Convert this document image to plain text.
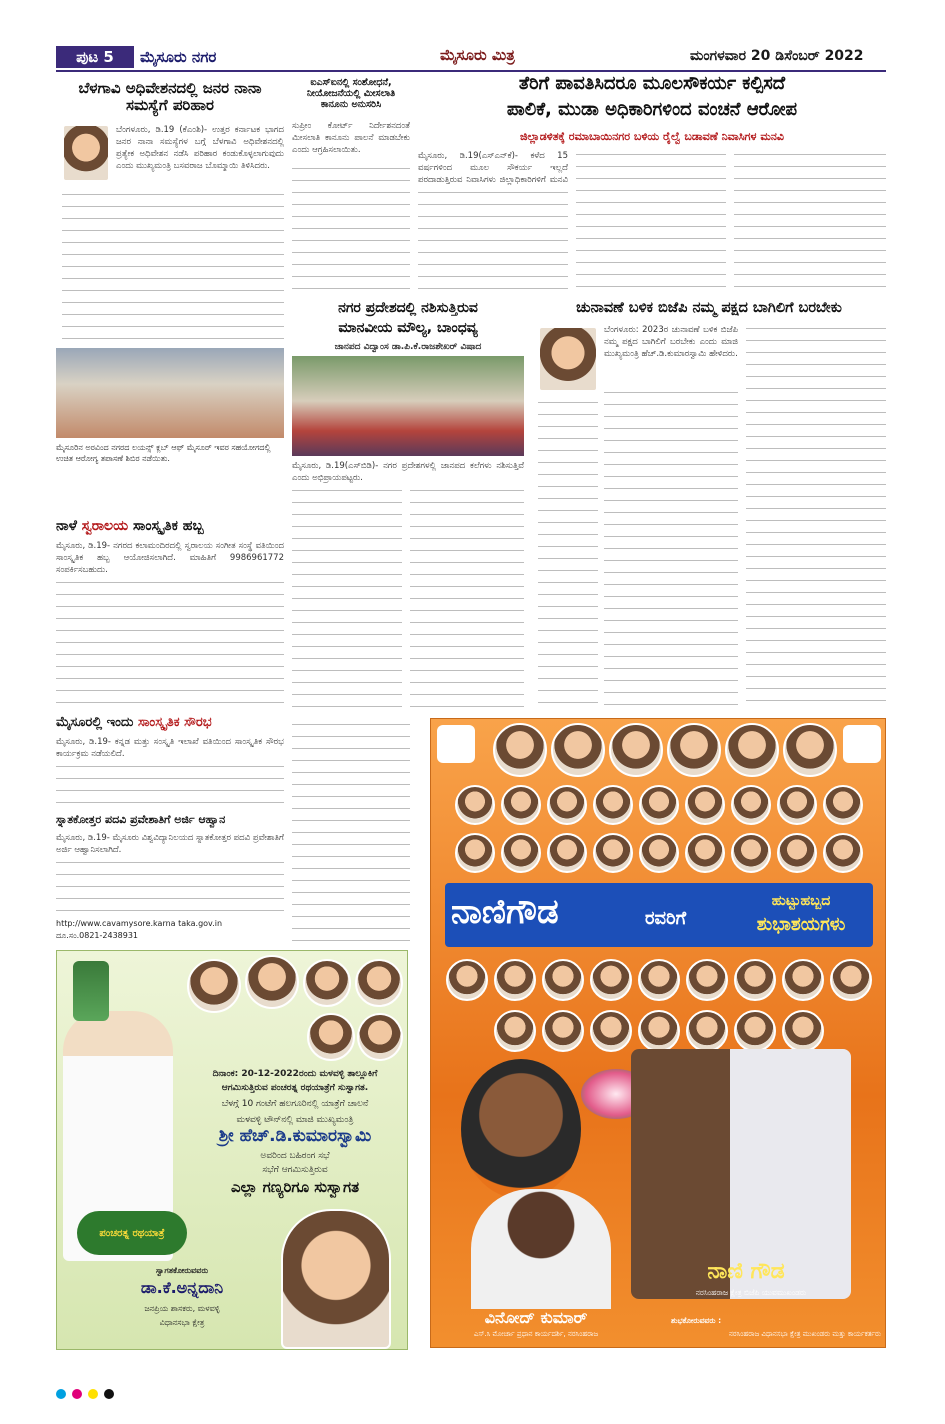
ಪುಟ 5	ಮೈಸೂರು ನಗರ	ಮೈಸೂರು ಮಿತ್ರ	ಮಂಗಳವಾರ 20 ಡಿಸೆಂಬರ್ 2022
ಬೆಳಗಾವಿ ಅಧಿವೇಶನದಲ್ಲಿ ಜನರ ನಾನಾ ಸಮಸ್ಯೆಗೆ ಪರಿಹಾರ
ಬೆಂಗಳೂರು, ಡಿ.19 (ಕೆಎಂಶಿ)- ಉತ್ತರ ಕರ್ನಾಟಕ ಭಾಗದ ಜನರ ನಾನಾ ಸಮಸ್ಯೆಗಳ ಬಗ್ಗೆ ಬೆಳಗಾವಿ ಅಧಿವೇಶನದಲ್ಲಿ ಪ್ರತ್ಯೇಕ ಅಧಿವೇಶನ ನಡೆಸಿ ಪರಿಹಾರ ಕಂಡುಕೊಳ್ಳಲಾಗುವುದು ಎಂದು ಮುಖ್ಯಮಂತ್ರಿ ಬಸವರಾಜ ಬೊಮ್ಮಾಯಿ ತಿಳಿಸಿದರು.
ಮೈಸೂರಿನ ಅರವಿಂದ ನಗರದ ಲಯನ್ಸ್ ಕ್ಲಬ್ ಆಫ್ ಮೈಸೂರ್ ಇವರ ಸಹಯೋಗದಲ್ಲಿ ಉಚಿತ ಆರೋಗ್ಯ ತಪಾಸಣೆ ಶಿಬಿರ ನಡೆಯಿತು.
ಐಎಸ್‌ಐನಲ್ಲಿ ಸಂಶೋಧನೆ, ನೀಯೋಜನೆಯಲ್ಲಿ ಮೀಸಲಾತಿ ಕಾನೂನು ಅನುಸರಿಸಿ
ಸುಪ್ರೀಂ ಕೋರ್ಟ್ ನಿರ್ದೇಶನದಂತೆ ಮೀಸಲಾತಿ ಕಾನೂನು ಪಾಲನೆ ಮಾಡಬೇಕು ಎಂದು ಆಗ್ರಹಿಸಲಾಯಿತು.
ತೆರಿಗೆ ಪಾವತಿಸಿದರೂ ಮೂಲಸೌಕರ್ಯ ಕಲ್ಪಿಸದೆ
ಪಾಲಿಕೆ, ಮುಡಾ ಅಧಿಕಾರಿಗಳಿಂದ ವಂಚನೆ ಆರೋಪ
ಜಿಲ್ಲಾಡಳಿತಕ್ಕೆ ರಮಾಬಾಯಿನಗರ ಬಳಿಯ ರೈಲ್ವೆ ಬಡಾವಣೆ ನಿವಾಸಿಗಳ ಮನವಿ
ಮೈಸೂರು, ಡಿ.19(ಎಸ್‌ಎನ್‌ಕೆ)- ಕಳೆದ 15 ವರ್ಷಗಳಿಂದ ಮೂಲ ಸೌಕರ್ಯ ಇಲ್ಲದೆ ಪರದಾಡುತ್ತಿರುವ ನಿವಾಸಿಗಳು ಜಿಲ್ಲಾಧಿಕಾರಿಗಳಿಗೆ ಮನವಿ
ನಗರ ಪ್ರದೇಶದಲ್ಲಿ ನಶಿಸುತ್ತಿರುವ
ಮಾನವೀಯ ಮೌಲ್ಯ, ಬಾಂಧವ್ಯ
ಜಾನಪದ ವಿದ್ವಾಂಸ ಡಾ.ಪಿ.ಕೆ.ರಾಜಶೇಖರ್ ವಿಷಾದ
ಮೈಸೂರು, ಡಿ.19(ಎಸ್‌ಬಿಡಿ)- ನಗರ ಪ್ರದೇಶಗಳಲ್ಲಿ ಜಾನಪದ ಕಲೆಗಳು ನಶಿಸುತ್ತಿವೆ ಎಂದು ಅಭಿಪ್ರಾಯಪಟ್ಟರು.
ಚುನಾವಣೆ ಬಳಿಕ ಬಿಜೆಪಿ ನಮ್ಮ ಪಕ್ಷದ ಬಾಗಿಲಿಗೆ ಬರಬೇಕು
ಬೆಂಗಳೂರು: 2023ರ ಚುನಾವಣೆ ಬಳಿಕ ಬಿಜೆಪಿ ನಮ್ಮ ಪಕ್ಷದ ಬಾಗಿಲಿಗೆ ಬರಬೇಕು ಎಂದು ಮಾಜಿ ಮುಖ್ಯಮಂತ್ರಿ ಹೆಚ್.ಡಿ.ಕುಮಾರಸ್ವಾಮಿ ಹೇಳಿದರು.
ನಾಳೆ ಸ್ವರಾಲಯ ಸಾಂಸ್ಕೃತಿಕ ಹಬ್ಬ
ಮೈಸೂರು, ಡಿ.19- ನಗರದ ಕಲಾಮಂದಿರದಲ್ಲಿ ಸ್ವರಾಲಯ ಸಂಗೀತ ಸಂಸ್ಥೆ ವತಿಯಿಂದ ಸಾಂಸ್ಕೃತಿಕ ಹಬ್ಬ ಆಯೋಜಿಸಲಾಗಿದೆ. ಮಾಹಿತಿಗೆ 9986961772 ಸಂಪರ್ಕಿಸಬಹುದು.
ಮೈಸೂರಲ್ಲಿ ಇಂದು ಸಾಂಸ್ಕೃತಿಕ ಸೌರಭ
ಮೈಸೂರು, ಡಿ.19- ಕನ್ನಡ ಮತ್ತು ಸಂಸ್ಕೃತಿ ಇಲಾಖೆ ವತಿಯಿಂದ ಸಾಂಸ್ಕೃತಿಕ ಸೌರಭ ಕಾರ್ಯಕ್ರಮ ನಡೆಯಲಿದೆ.
ಸ್ನಾತಕೋತ್ತರ ಪದವಿ ಪ್ರವೇಶಾತಿಗೆ ಅರ್ಜಿ ಆಹ್ವಾನ
ಮೈಸೂರು, ಡಿ.19- ಮೈಸೂರು ವಿಶ್ವವಿದ್ಯಾನಿಲಯದ ಸ್ನಾತಕೋತ್ತರ ಪದವಿ ಪ್ರವೇಶಾತಿಗೆ ಅರ್ಜಿ ಆಹ್ವಾನಿಸಲಾಗಿದೆ.
http://www.cavamysore.karna taka.gov.in
ದೂ.ಸಂ.0821-2438931
ದಿನಾಂಕ: 20-12-2022ರಂದು ಮಳವಳ್ಳಿ ತಾಲ್ಲೂಕಿಗೆ
ಆಗಮಿಸುತ್ತಿರುವ ಪಂಚರತ್ನ ರಥಯಾತ್ರೆಗೆ ಸುಸ್ವಾಗತ.
ಬೆಳಗ್ಗೆ 10 ಗಂಟೆಗೆ ಹಲಗೂರಿನಲ್ಲಿ ಯಾತ್ರೆಗೆ ಚಾಲನೆ
ಮಳವಳ್ಳಿ ಟೌನ್‌ನಲ್ಲಿ ಮಾಜಿ ಮುಖ್ಯಮಂತ್ರಿ
ಶ್ರೀ ಹೆಚ್.ಡಿ.ಕುಮಾರಸ್ವಾಮಿ
ಅವರಿಂದ ಬಹಿರಂಗ ಸಭೆ
ಸಭೆಗೆ ಆಗಮಿಸುತ್ತಿರುವ
ಎಲ್ಲಾ ಗಣ್ಯರಿಗೂ ಸುಸ್ವಾಗತ
ಪಂಚರತ್ನ ರಥಯಾತ್ರೆ
ಸ್ವಾಗತಕೋರುವವರು
ಡಾ.ಕೆ.ಅನ್ನದಾನಿ
ಜನಪ್ರಿಯ ಶಾಸಕರು, ಮಳವಳ್ಳಿ
ವಿಧಾನಸಭಾ ಕ್ಷೇತ್ರ
ನಾಣಿಗೌಡ	ರವರಿಗೆ
ಹುಟ್ಟುಹಬ್ಬದ
ಶುಭಾಶಯಗಳು
ನಾಣಿ ಗೌಡ
ನರಸಿಂಹರಾಜ ಕ್ಷೇತ್ರ ಬಿಜೆಪಿ ಯುವಮುಖಂಡರು
ವಿನೋದ್ ಕುಮಾರ್
ಎಸ್.ಸಿ ಮೋರ್ಚಾ ಪ್ರಧಾನ ಕಾರ್ಯದರ್ಶಿ, ನರಸಿಂಹರಾಜ
ಶುಭಕೋರುವವರು :
ನರಸಿಂಹರಾಜ ವಿಧಾನಸಭಾ ಕ್ಷೇತ್ರ ಮುಖಂಡರು ಮತ್ತು ಕಾರ್ಯಕರ್ತರು
